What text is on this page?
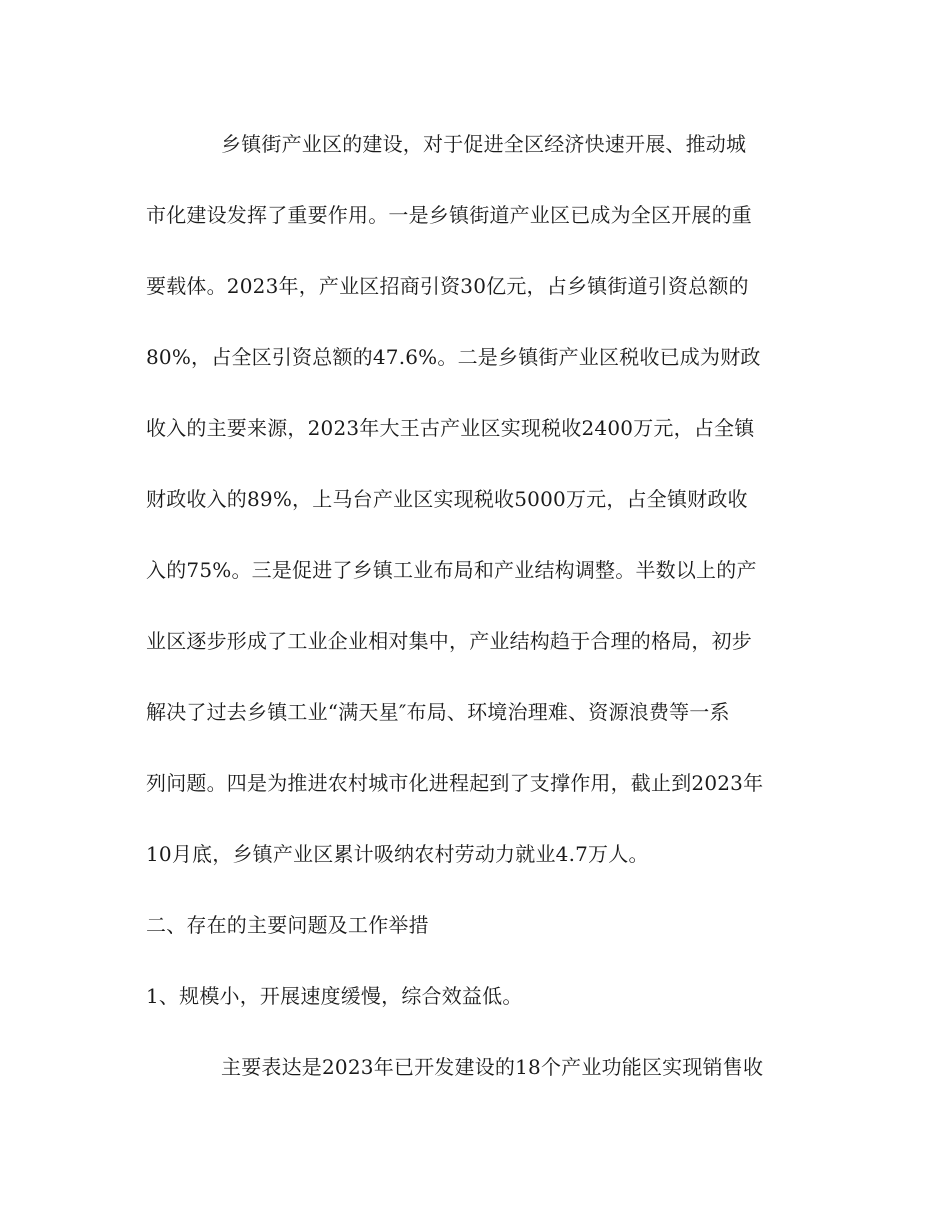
乡镇街产业区的建设，对于促进全区经济快速开展、推动城
市化建设发挥了重要作用。一是乡镇街道产业区已成为全区开展的重
要载体。2023年，产业区招商引资30亿元，占乡镇街道引资总额的
80%，占全区引资总额的47.6%。二是乡镇街产业区税收已成为财政
收入的主要来源，2023年大王古产业区实现税收2400万元，占全镇
财政收入的89%，上马台产业区实现税收5000万元，占全镇财政收
入的75%。三是促进了乡镇工业布局和产业结构调整。半数以上的产
业区逐步形成了工业企业相对集中，产业结构趋于合理的格局，初步
解决了过去乡镇工业“满天星″布局、环境治理难、资源浪费等一系
列问题。四是为推进农村城市化进程起到了支撑作用，截止到2023年
10月底，乡镇产业区累计吸纳农村劳动力就业4.7万人。
二、存在的主要问题及工作举措
1、规模小，开展速度缓慢，综合效益低。
主要表达是2023年已开发建设的18个产业功能区实现销售收
